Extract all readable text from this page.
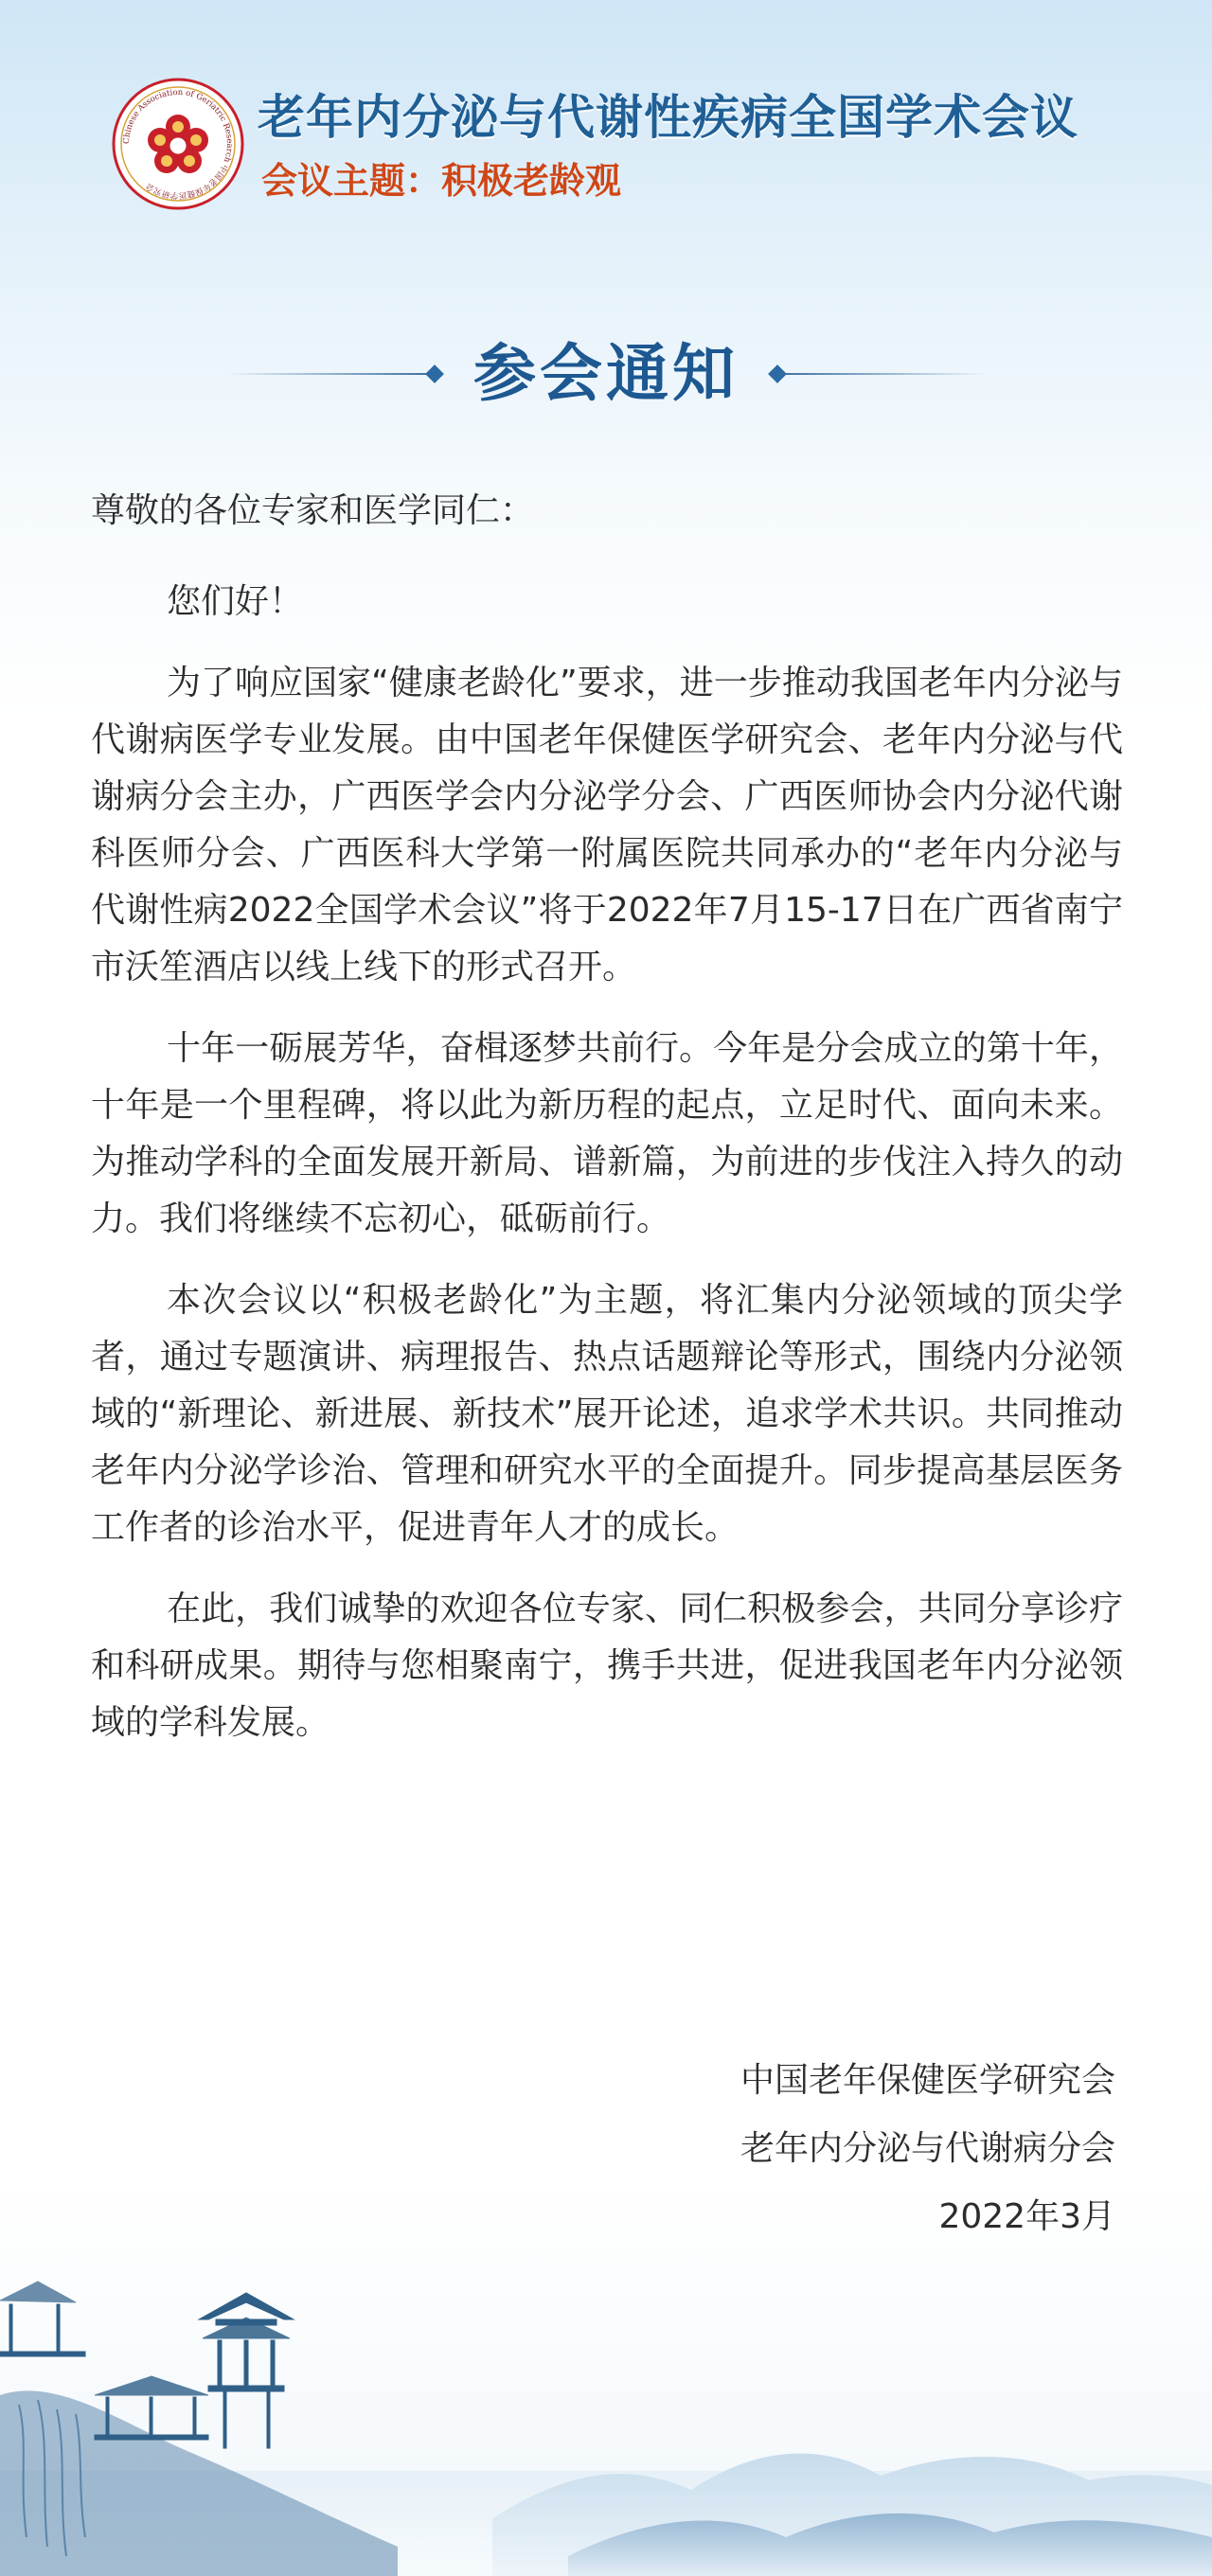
Chinese Association of Geriatric Research 中国老年保健医学研究会
老年内分泌与代谢性疾病全国学术会议
会议主题：积极老龄观
参会通知
尊敬的各位专家和医学同仁：

您们好！

为了响应国家“健康老龄化”要求，进一步推动我国老年内分泌与代谢病医学专业发展。由中国老年保健医学研究会、老年内分泌与代谢病分会主办，广西医学会内分泌学分会、广西医师协会内分泌代谢科医师分会、广西医科大学第一附属医院共同承办的“老年内分泌与代谢性病2022全国学术会议”将于2022年7月15-17日在广西省南宁市沃笙酒店以线上线下的形式召开。

十年一砺展芳华，奋楫逐梦共前行。今年是分会成立的第十年，十年是一个里程碑，将以此为新历程的起点，立足时代、面向未来。为推动学科的全面发展开新局、谱新篇，为前进的步伐注入持久的动力。我们将继续不忘初心，砥砺前行。

本次会议以“积极老龄化”为主题，将汇集内分泌领域的顶尖学者，通过专题演讲、病理报告、热点话题辩论等形式，围绕内分泌领域的“新理论、新进展、新技术”展开论述，追求学术共识。共同推动老年内分泌学诊治、管理和研究水平的全面提升。同步提高基层医务工作者的诊治水平，促进青年人才的成长。

在此，我们诚挚的欢迎各位专家、同仁积极参会，共同分享诊疗和科研成果。期待与您相聚南宁，携手共进，促进我国老年内分泌领域的学科发展。

中国老年保健医学研究会
老年内分泌与代谢病分会
2022年3月
